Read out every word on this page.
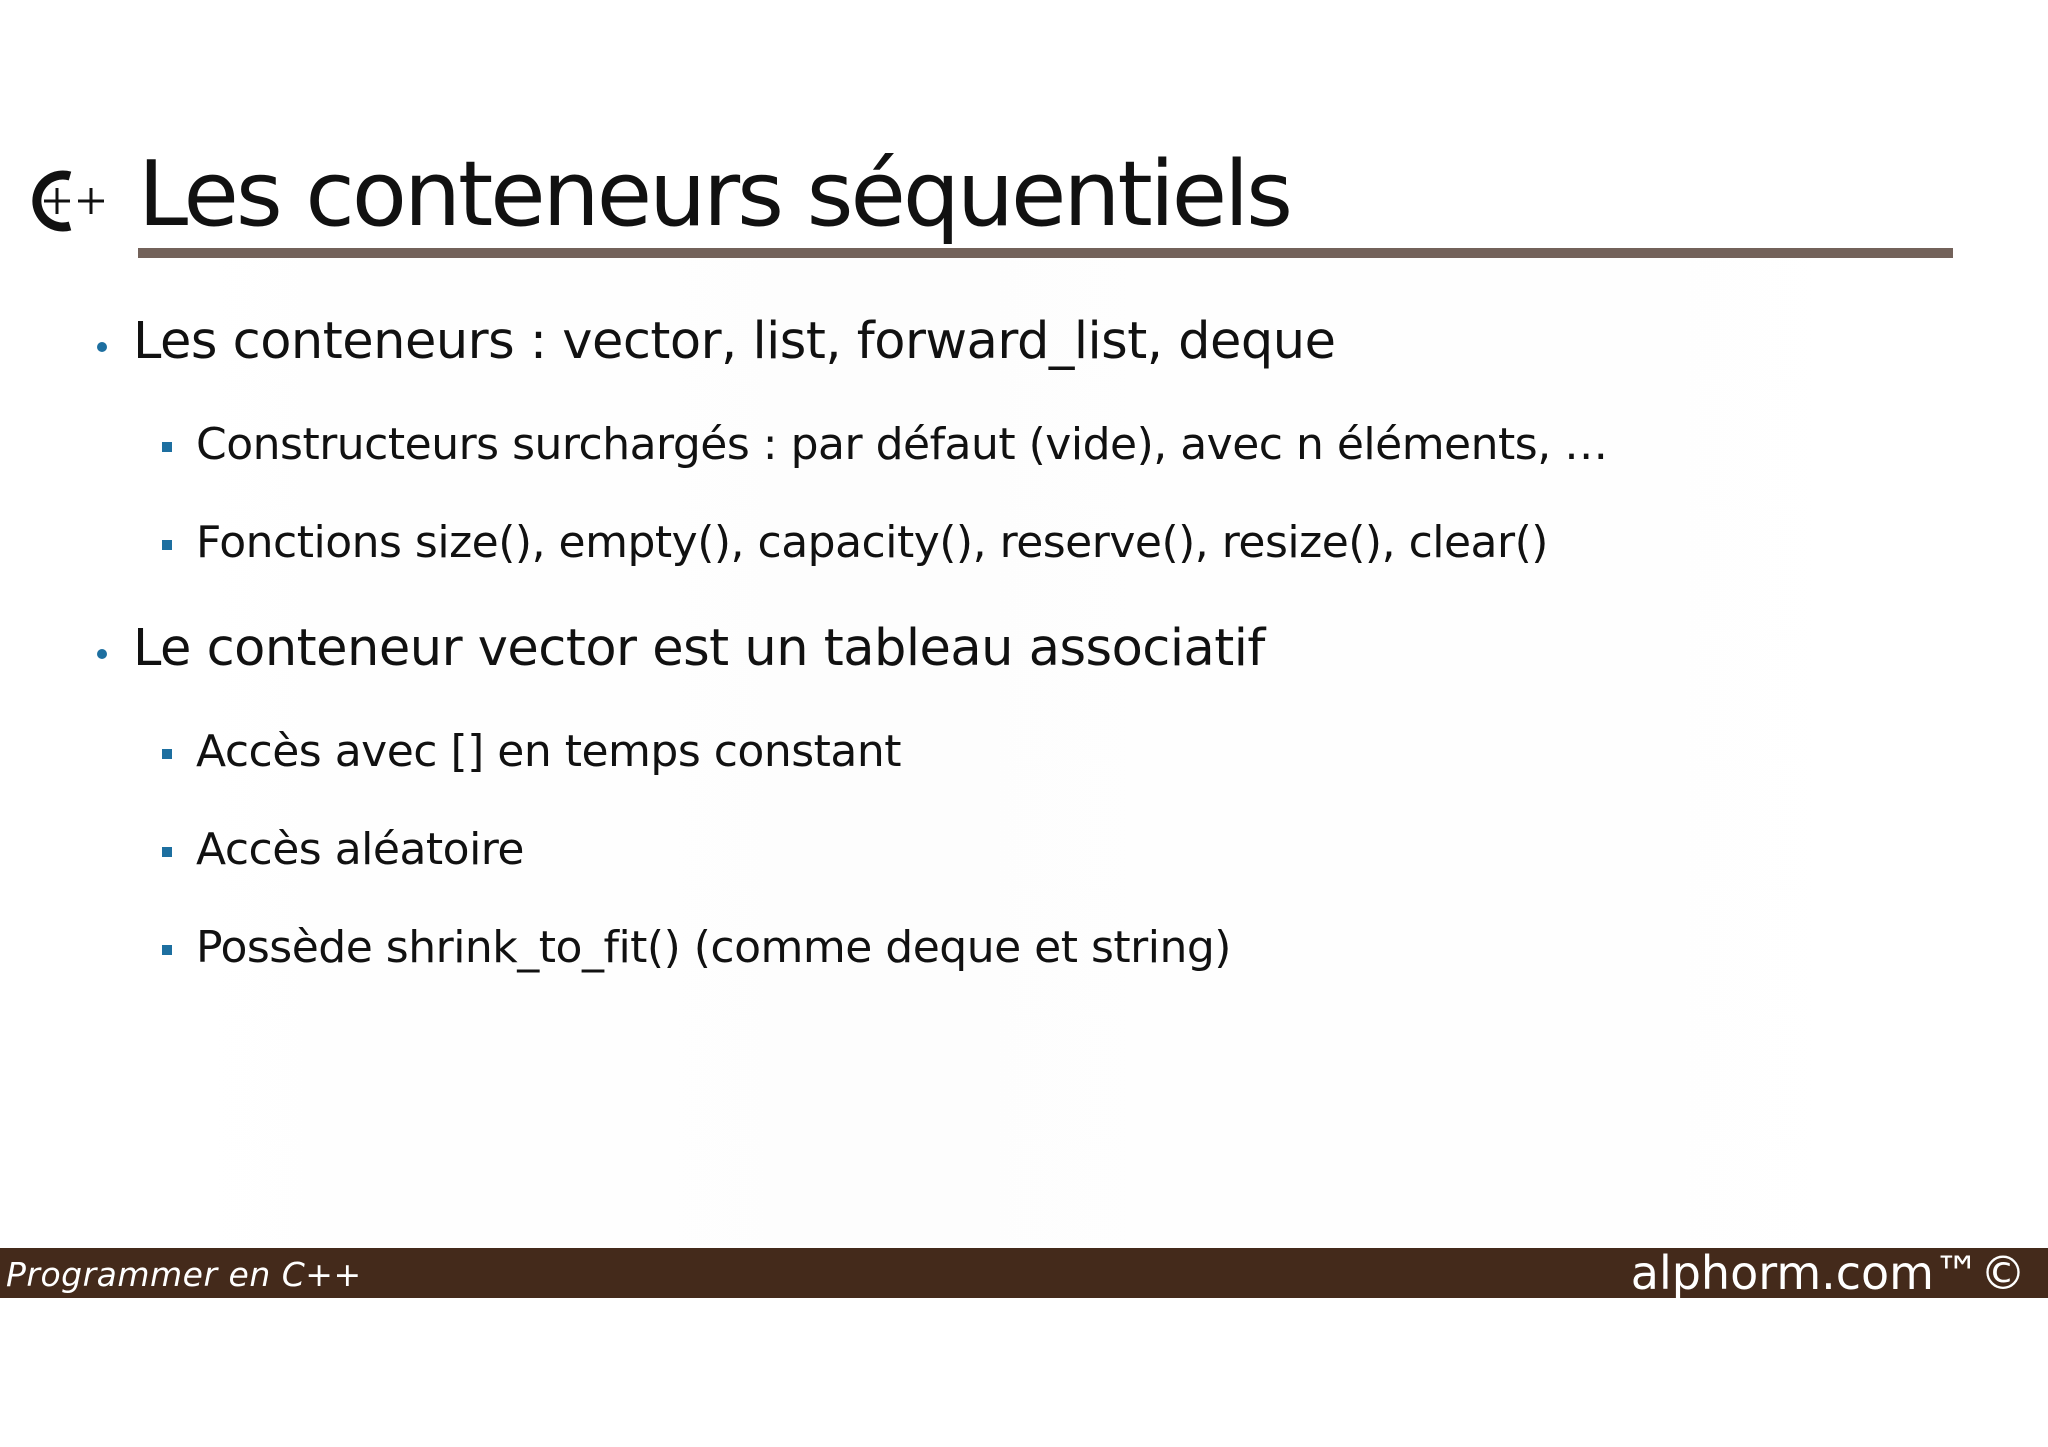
C++ Les conteneurs séquentiels
Les conteneurs : vector, list, forward_list, deque
Constructeurs surchargés : par défaut (vide), avec n éléments, …
Fonctions size(), empty(), capacity(), reserve(), resize(), clear()
Le conteneur vector est un tableau associatif
Accès avec [] en temps constant
Accès aléatoire
Possède shrink_to_fit() (comme deque et string)
Programmer en C++	alphorm.com™©
